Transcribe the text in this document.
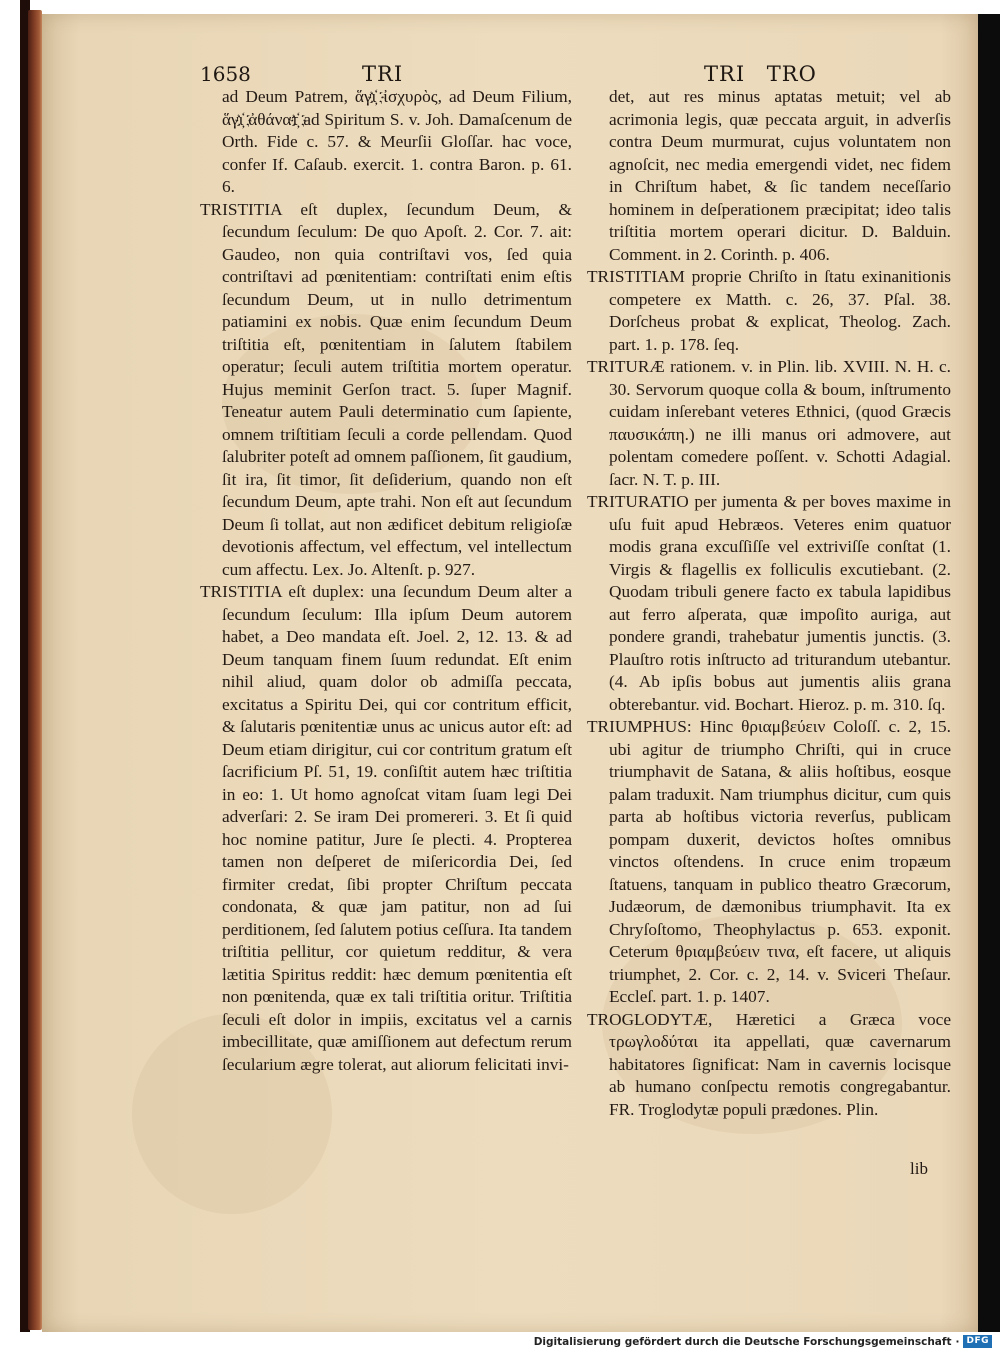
1658	TRI	TRI TRO

ad Deum Patrem, ἅγι҉ ἰσχυρὸς, ad Deum Filium, ἅγι҉ ἀθάνατ҉ ad Spiritum S. v. Joh. Damaſcenum de Orth. Fide c. 57. & Meurſii Gloſſar. hac voce, confer If. Caſaub. exercit. 1. contra Baron. p. 61. 6.

TRISTITIA eſt duplex, ſecundum Deum, & ſecundum ſeculum: De quo Apoſt. 2. Cor. 7. ait: Gaudeo, non quia contriſtavi vos, ſed quia contriſtavi ad pœnitentiam: contriſtati enim eſtis ſecundum Deum, ut in nullo detrimentum patiamini ex nobis. Quæ enim ſecundum Deum triſtitia eſt, pœnitentiam in ſalutem ſtabilem operatur; ſeculi autem triſtitia mortem operatur. Hujus meminit Gerſon tract. 5. ſuper Magnif. Teneatur autem Pauli determinatio cum ſapiente, omnem triſtitiam ſeculi a corde pellendam. Quod ſalubriter poteſt ad omnem paſſionem, ſit gaudium, ſit ira, ſit timor, ſit deſiderium, quando non eſt ſecundum Deum, apte trahi. Non eſt aut ſecundum Deum ſi tollat, aut non ædificet debitum religioſæ devotionis affectum, vel effectum, vel intellectum cum affectu. Lex. Jo. Altenſt. p. 927.

TRISTITIA eſt duplex: una ſecundum Deum alter a ſecundum ſeculum: Illa ipſum Deum autorem habet, a Deo mandata eſt. Joel. 2, 12. 13. & ad Deum tanquam finem ſuum redundat. Eſt enim nihil aliud, quam dolor ob admiſſa peccata, excitatus a Spiritu Dei, qui cor contritum efficit, & ſalutaris pœnitentiæ unus ac unicus autor eſt: ad Deum etiam dirigitur, cui cor contritum gratum eſt ſacrificium Pſ. 51, 19. conſiſtit autem hæc triſtitia in eo: 1. Ut homo agnoſcat vitam ſuam legi Dei adverſari: 2. Se iram Dei promereri. 3. Et ſi quid hoc nomine patitur, Jure ſe plecti. 4. Propterea tamen non deſperet de miſericordia Dei, ſed firmiter credat, ſibi propter Chriſtum peccata condonata, & quæ jam patitur, non ad ſui perditionem, ſed ſalutem potius ceſſura. Ita tandem triſtitia pellitur, cor quietum redditur, & vera lætitia Spiritus reddit: hæc demum pœnitentia eſt non pœnitenda, quæ ex tali triſtitia oritur. Triſtitia ſeculi eſt dolor in impiis, excitatus vel a carnis imbecillitate, quæ amiſſionem aut defectum rerum ſecularium ægre tolerat, aut aliorum felicitati invi-

det, aut res minus aptatas metuit; vel ab acrimonia legis, quæ peccata arguit, in adverſis contra Deum murmurat, cujus voluntatem non agnoſcit, nec media emergendi videt, nec fidem in Chriſtum habet, & ſic tandem neceſſario hominem in deſperationem præcipitat; ideo talis triſtitia mortem operari dicitur. D. Balduin. Comment. in 2. Corinth. p. 406.

TRISTITIAM proprie Chriſto in ſtatu exinanitionis competere ex Matth. c. 26, 37. Pſal. 38. Dorſcheus probat & explicat, Theolog. Zach. part. 1. p. 178. ſeq.

TRITURÆ rationem. v. in Plin. lib. XVIII. N. H. c. 30. Servorum quoque colla & boum, inſtrumento cuidam inſerebant veteres Ethnici, (quod Græcis παυσικάπη.) ne illi manus ori admovere, aut polentam comedere poſſent. v. Schotti Adagial. ſacr. N. T. p. III.

TRITURATIO per jumenta & per boves maxime in uſu fuit apud Hebræos. Veteres enim quatuor modis grana excuſſiſſe vel extriviſſe conſtat (1. Virgis & flagellis ex folliculis excutiebant. (2. Quodam tribuli genere facto ex tabula lapidibus aut ferro aſperata, quæ impoſito auriga, aut pondere grandi, trahebatur jumentis junctis. (3. Plauſtro rotis inſtructo ad triturandum utebantur. (4. Ab ipſis bobus aut jumentis aliis grana obterebantur. vid. Bochart. Hieroz. p. m. 310. ſq.

TRIUMPHUS: Hinc θριαμβεύειν Coloſſ. c. 2, 15. ubi agitur de triumpho Chriſti, qui in cruce triumphavit de Satana, & aliis hoſtibus, eosque palam traduxit. Nam triumphus dicitur, cum quis parta ab hoſtibus victoria reverſus, publicam pompam duxerit, devictos hoſtes omnibus vinctos oſtendens. In cruce enim tropæum ſtatuens, tanquam in publico theatro Græcorum, Judæorum, de dæmonibus triumphavit. Ita ex Chryſoſtomo, Theophylactus p. 653. exponit. Ceterum θριαμβεύειν τινα, eſt facere, ut aliquis triumphet, 2. Cor. c. 2, 14. v. Sviceri Theſaur. Eccleſ. part. 1. p. 1407.

TROGLODYTÆ, Hæretici a Græca voce τρωγλοδύται ita appellati, quæ cavernarum habitatores ſignificat: Nam in cavernis locisque ab humano conſpectu remotis congregabantur. FR. Troglodytæ populi prædones. Plin.

lib
Digitalisierung gefördert durch die Deutsche Forschungsgemeinschaft · DFG
